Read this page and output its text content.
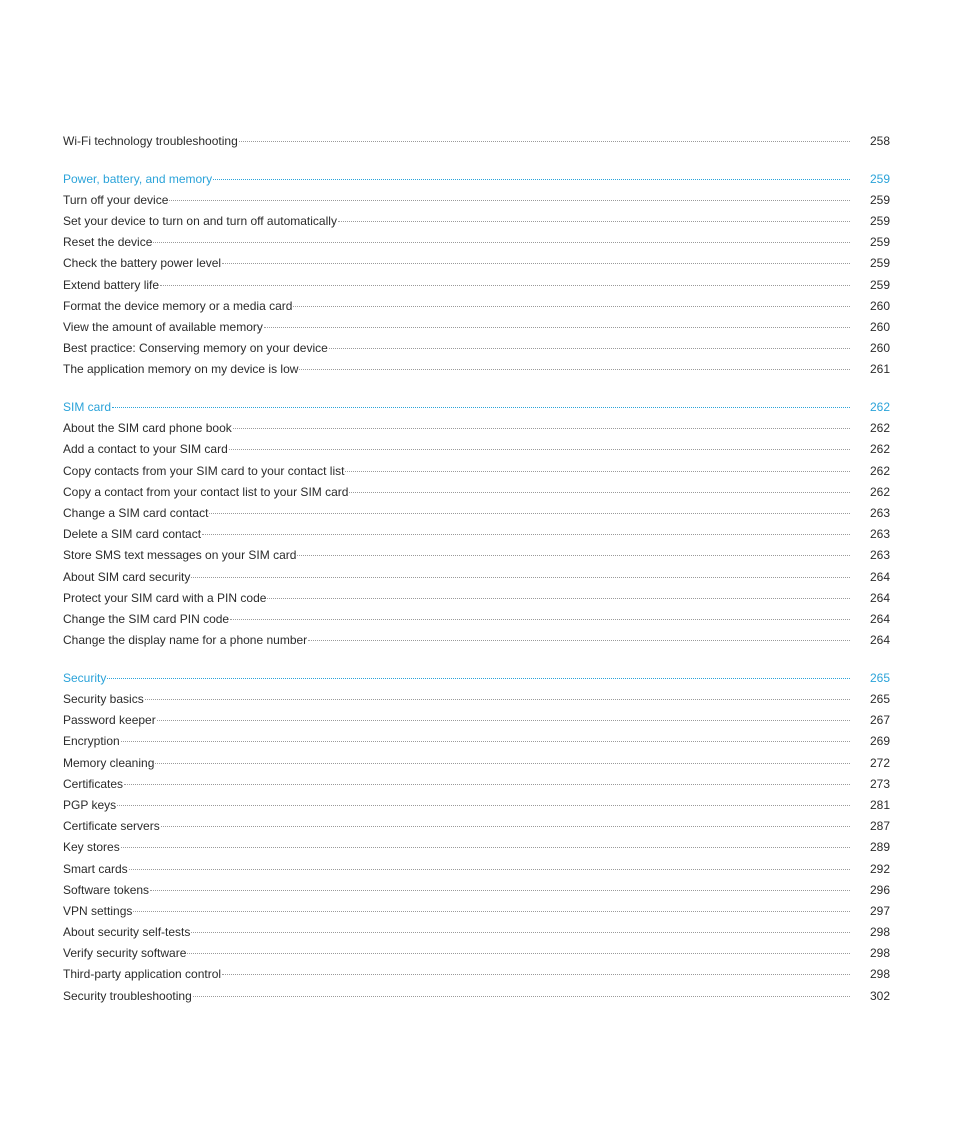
Wi-Fi technology troubleshooting	258
Power, battery, and memory	259
Turn off your device	259
Set your device to turn on and turn off automatically	259
Reset the device	259
Check the battery power level	259
Extend battery life	259
Format the device memory or a media card	260
View the amount of available memory	260
Best practice: Conserving memory on your device	260
The application memory on my device is low	261
SIM card	262
About the SIM card phone book	262
Add a contact to your SIM card	262
Copy contacts from your SIM card to your contact list	262
Copy a contact from your contact list to your SIM card	262
Change a SIM card contact	263
Delete a SIM card contact	263
Store SMS text messages on your SIM card	263
About SIM card security	264
Protect your SIM card with a PIN code	264
Change the SIM card PIN code	264
Change the display name for a phone number	264
Security	265
Security basics	265
Password keeper	267
Encryption	269
Memory cleaning	272
Certificates	273
PGP keys	281
Certificate servers	287
Key stores	289
Smart cards	292
Software tokens	296
VPN settings	297
About security self-tests	298
Verify security software	298
Third-party application control	298
Security troubleshooting	302
